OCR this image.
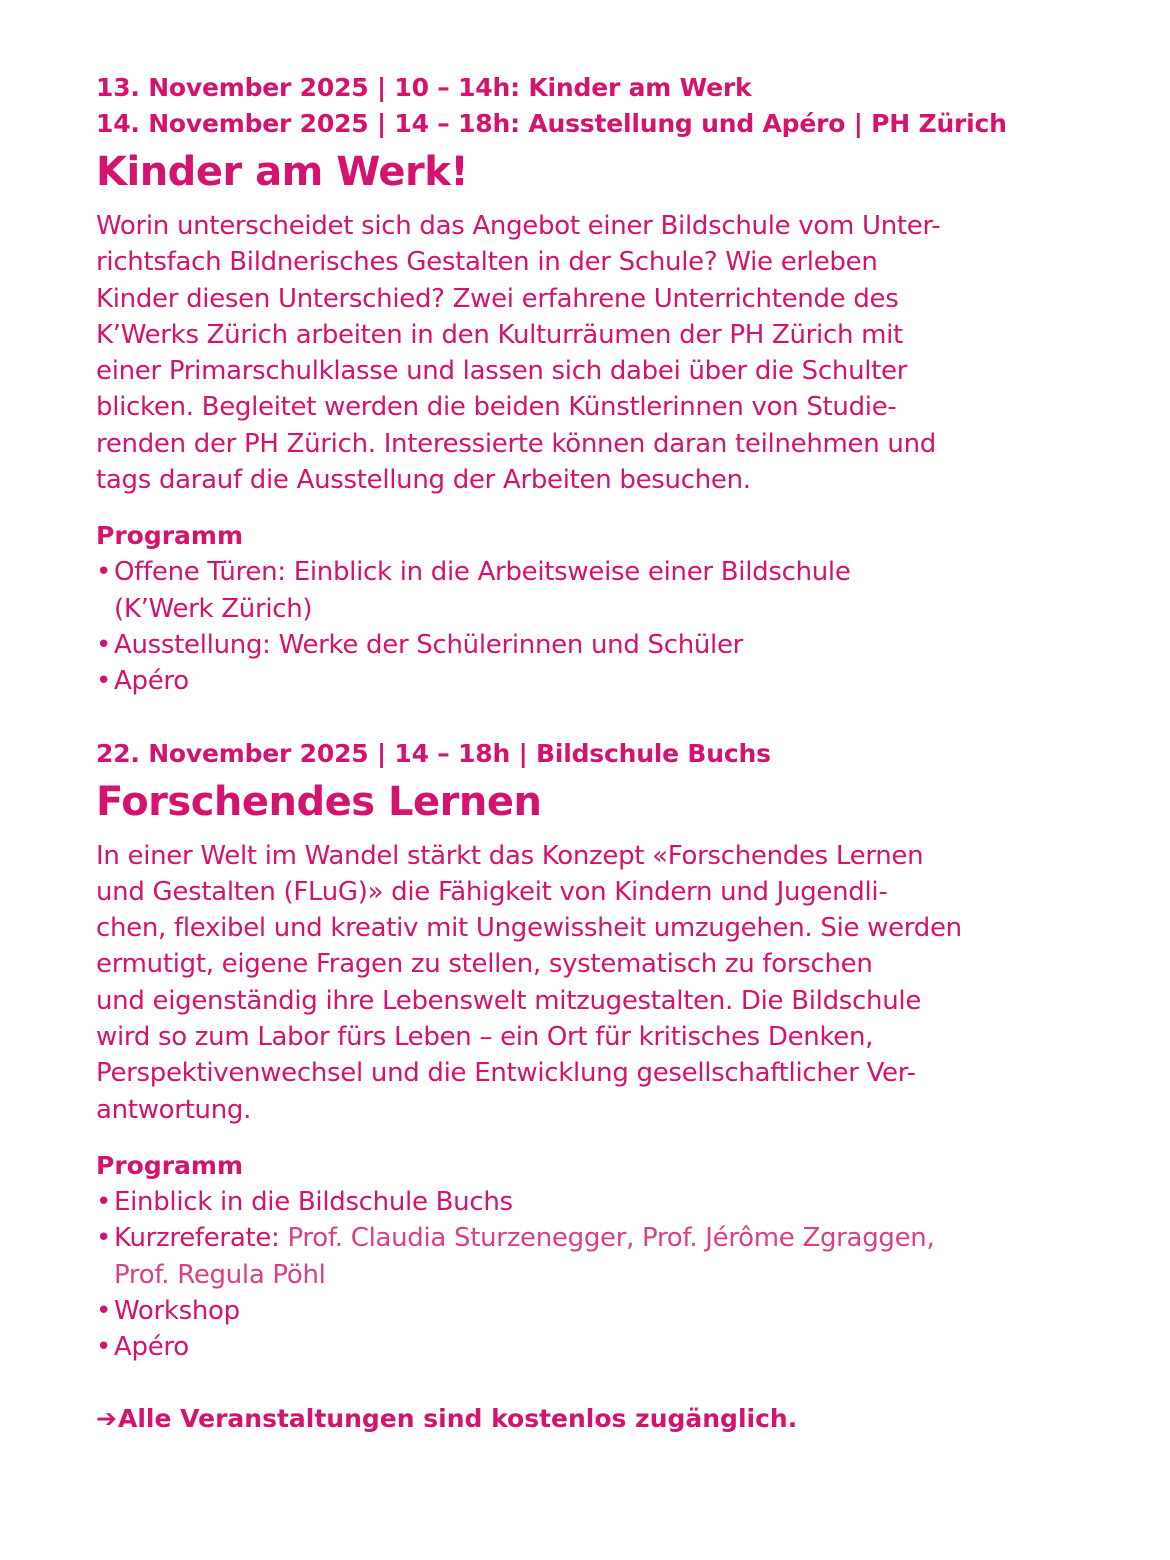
13. November 2025 | 10 – 14h: Kinder am Werk
14. November 2025 | 14 – 18h: Ausstellung und Apéro | PH Zürich
Kinder am Werk!
Worin unterscheidet sich das Angebot einer Bildschule vom Unter-
richtsfach Bildnerisches Gestalten in der Schule? Wie erleben
Kinder diesen Unterschied? Zwei erfahrene Unterrichtende des
K’Werks Zürich arbeiten in den Kulturräumen der PH Zürich mit
einer Primarschulklasse und lassen sich dabei über die Schulter
blicken. Begleitet werden die beiden Künstlerinnen von Studie-
renden der PH Zürich. Interessierte können daran teilnehmen und
tags darauf die Ausstellung der Arbeiten besuchen.
Programm
• Offene Türen: Einblick in die Arbeitsweise einer Bildschule
(K’Werk Zürich)
• Ausstellung: Werke der Schülerinnen und Schüler
• Apéro
22. November 2025 | 14 – 18h | Bildschule Buchs
Forschendes Lernen
In einer Welt im Wandel stärkt das Konzept «Forschendes Lernen
und Gestalten (FLuG)» die Fähigkeit von Kindern und Jugendli-
chen, flexibel und kreativ mit Ungewissheit umzugehen. Sie werden
ermutigt, eigene Fragen zu stellen, systematisch zu forschen
und eigenständig ihre Lebenswelt mitzugestalten. Die Bildschule
wird so zum Labor fürs Leben – ein Ort für kritisches Denken,
Perspektivenwechsel und die Entwicklung gesellschaftlicher Ver-
antwortung.
Programm
• Einblick in die Bildschule Buchs
• Kurzreferate: Prof. Claudia Sturzenegger, Prof. Jérôme Zgraggen,
Prof. Regula Pöhl
• Workshop
• Apéro
➔Alle Veranstaltungen sind kostenlos zugänglich.
